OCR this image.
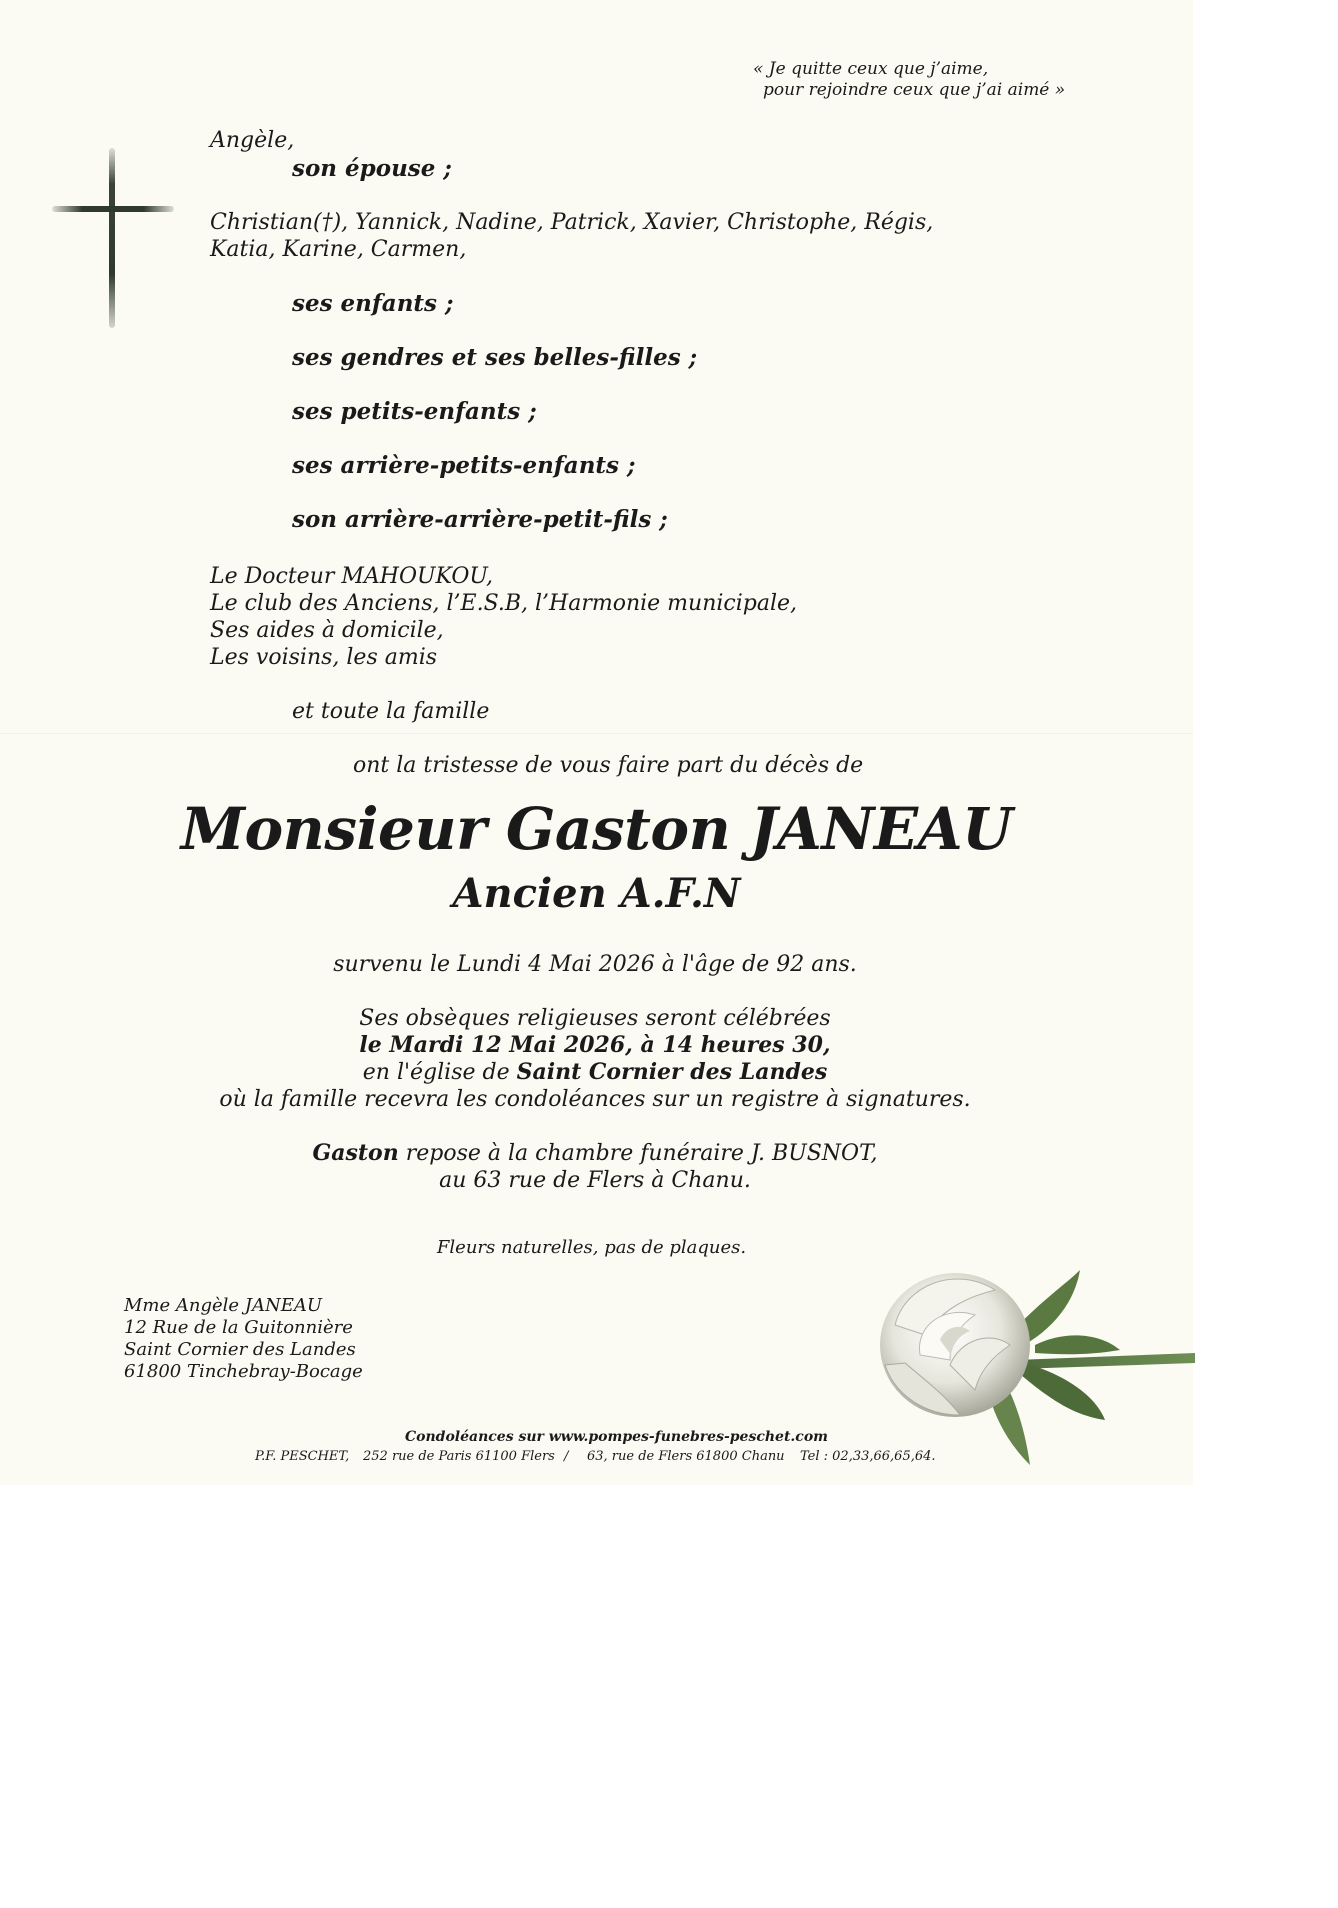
« Je quitte ceux que j’aime,
pour rejoindre ceux que j’ai aimé »
Angèle,
son épouse ;
Christian(†), Yannick, Nadine, Patrick, Xavier, Christophe, Régis,
Katia, Karine, Carmen,
ses enfants ;
ses gendres et ses belles-filles ;
ses petits-enfants ;
ses arrière-petits-enfants ;
son arrière-arrière-petit-fils ;
Le Docteur MAHOUKOU,
Le club des Anciens, l’E.S.B, l’Harmonie municipale,
Ses aides à domicile,
Les voisins, les amis
et toute la famille
ont la tristesse de vous faire part du décès de
Monsieur Gaston JANEAU
Ancien A.F.N
survenu le Lundi 4 Mai 2026 à l'âge de 92 ans.
Ses obsèques religieuses seront célébrées
le Mardi 12 Mai 2026, à 14 heures 30,
en l'église de Saint Cornier des Landes
où la famille recevra les condoléances sur un registre à signatures.
Gaston repose à la chambre funéraire J. BUSNOT,
au 63 rue de Flers à Chanu.
Fleurs naturelles, pas de plaques.
Mme Angèle JANEAU
12 Rue de la Guitonnière
Saint Cornier des Landes
61800 Tinchebray-Bocage
Condoléances sur www.pompes-funebres-peschet.com
P.F. PESCHET, 252 rue de Paris 61100 Flers / 63, rue de Flers 61800 Chanu Tel : 02,33,66,65,64.
